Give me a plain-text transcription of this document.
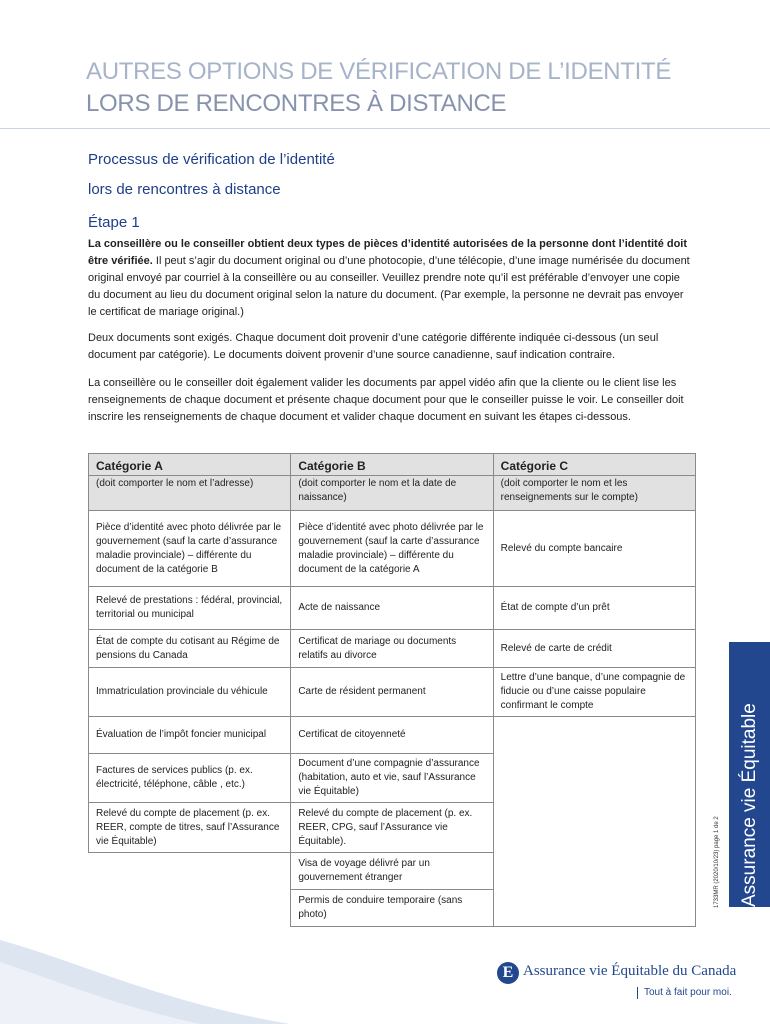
AUTRES OPTIONS DE VÉRIFICATION DE L’IDENTITÉ
LORS DE RENCONTRES À DISTANCE
Processus de vérification de l’identité
lors de rencontres à distance
Étape 1
La conseillère ou le conseiller obtient deux types de pièces d’identité autorisées de la personne dont l’identité doit être vérifiée. Il peut s’agir du document original ou d’une photocopie, d’une télécopie, d’une image numérisée du document original envoyé par courriel à la conseillère ou au conseiller. Veuillez prendre note qu’il est préférable d’envoyer une copie du document au lieu du document original selon la nature du document. (Par exemple, la personne ne devrait pas envoyer le certificat de mariage original.)
Deux documents sont exigés. Chaque document doit provenir d’une catégorie différente indiquée ci-dessous (un seul document par catégorie). Le documents doivent provenir d’une source canadienne, sauf indication contraire.
La conseillère ou le conseiller doit également valider les documents par appel vidéo afin que la cliente ou le client lise les renseignements de chaque document et présente chaque document pour que le conseiller puisse le voir. Le conseiller doit inscrire les renseignements de chaque document et valider chaque document en suivant les étapes ci-dessous.
Catégorie A	Catégorie B	Catégorie C
(doit comporter le nom et l’adresse)	(doit comporter le nom et la date de naissance)	(doit comporter le nom et les renseignements sur le compte)
Pièce d’identité avec photo délivrée par le gouvernement (sauf la carte d’assurance maladie provinciale) – différente du document de la catégorie B	Pièce d’identité avec photo délivrée par le gouvernement (sauf la carte d’assurance maladie provinciale) – différente du document de la catégorie A	Relevé du compte bancaire
Relevé de prestations : fédéral, provincial, territorial ou municipal	Acte de naissance	État de compte d’un prêt
État de compte du cotisant au Régime de pensions du Canada	Certificat de mariage ou documents relatifs au divorce	Relevé de carte de crédit
Immatriculation provinciale du véhicule	Carte de résident permanent	Lettre d’une banque, d’une compagnie de fiducie ou d’une caisse populaire confirmant le compte
Évaluation de l’impôt foncier municipal	Certificat de citoyenneté	
Factures de services publics (p. ex. électricité, téléphone, câble , etc.)	Document d’une compagnie d’assurance (habitation, auto et vie, sauf l’Assurance vie Équitable)	
Relevé du compte de placement (p. ex. REER, compte de titres, sauf l’Assurance vie Équitable)	Relevé du compte de placement (p. ex. REER, CPG, sauf l’Assurance vie Équitable).	
	Visa de voyage délivré par un gouvernement étranger	
	Permis de conduire temporaire (sans photo)	
1733MR (2020/10/23) page 1 de 2 Assurance vie Équitable
E Assurance vie Équitable du Canada
Tout à fait pour moi.
